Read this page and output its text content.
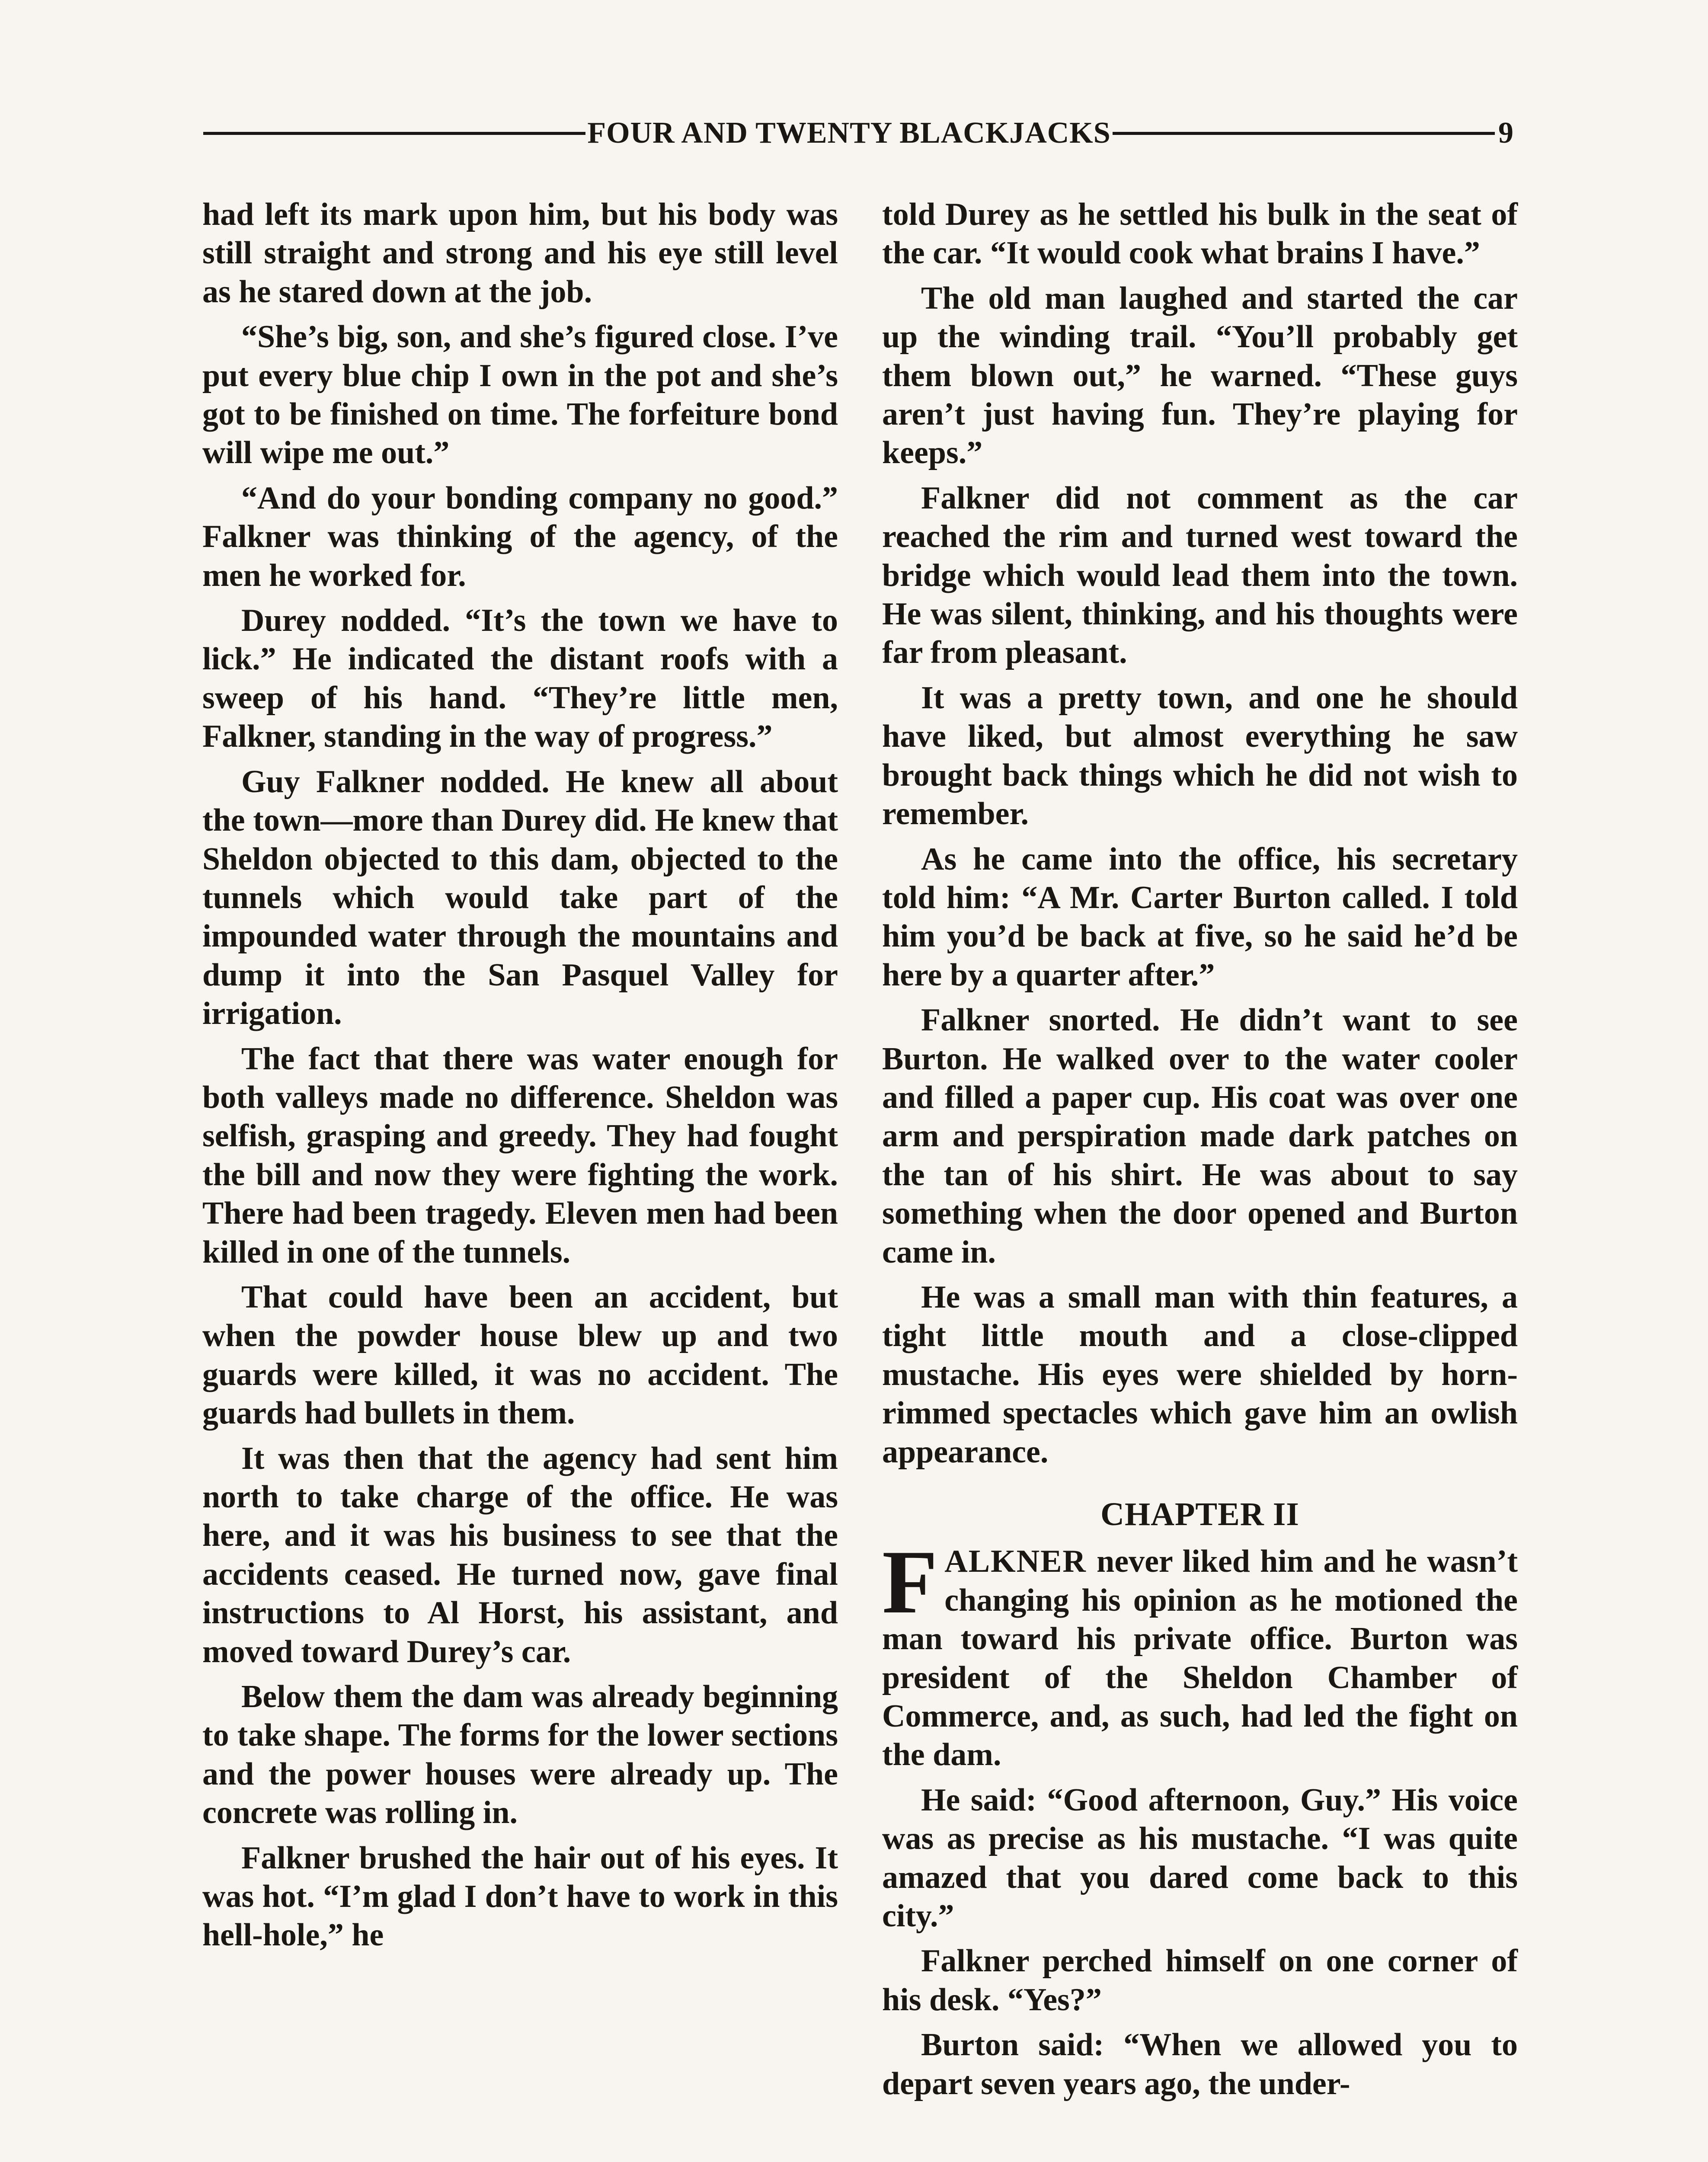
FOUR AND TWENTY BLACKJACKS	9

had left its mark upon him, but his body was still straight and strong and his eye still level as he stared down at the job.

“She’s big, son, and she’s figured close. I’ve put every blue chip I own in the pot and she’s got to be finished on time. The forfeiture bond will wipe me out.”

“And do your bonding company no good.” Falkner was thinking of the agency, of the men he worked for.

Durey nodded. “It’s the town we have to lick.” He indicated the distant roofs with a sweep of his hand. “They’re little men, Falkner, standing in the way of progress.”

Guy Falkner nodded. He knew all about the town—more than Durey did. He knew that Sheldon objected to this dam, objected to the tunnels which would take part of the impounded water through the mountains and dump it into the San Pasquel Valley for irrigation.

The fact that there was water enough for both valleys made no difference. Sheldon was selfish, grasping and greedy. They had fought the bill and now they were fighting the work. There had been tragedy. Eleven men had been killed in one of the tunnels.

That could have been an accident, but when the powder house blew up and two guards were killed, it was no accident. The guards had bullets in them.

It was then that the agency had sent him north to take charge of the office. He was here, and it was his business to see that the accidents ceased. He turned now, gave final instructions to Al Horst, his assistant, and moved toward Durey’s car.

Below them the dam was already beginning to take shape. The forms for the lower sections and the power houses were already up. The concrete was rolling in.

Falkner brushed the hair out of his eyes. It was hot. “I’m glad I don’t have to work in this hell-hole,” he

told Durey as he settled his bulk in the seat of the car. “It would cook what brains I have.”

The old man laughed and started the car up the winding trail. “You’ll probably get them blown out,” he warned. “These guys aren’t just having fun. They’re playing for keeps.”

Falkner did not comment as the car reached the rim and turned west toward the bridge which would lead them into the town. He was silent, thinking, and his thoughts were far from pleasant.

It was a pretty town, and one he should have liked, but almost everything he saw brought back things which he did not wish to remember.

As he came into the office, his secretary told him: “A Mr. Carter Burton called. I told him you’d be back at five, so he said he’d be here by a quarter after.”

Falkner snorted. He didn’t want to see Burton. He walked over to the water cooler and filled a paper cup. His coat was over one arm and perspiration made dark patches on the tan of his shirt. He was about to say something when the door opened and Burton came in.

He was a small man with thin features, a tight little mouth and a close-clipped mustache. His eyes were shielded by horn-rimmed spectacles which gave him an owlish appearance.

CHAPTER II

FALKNER never liked him and he wasn’t changing his opinion as he motioned the man toward his private office. Burton was president of the Sheldon Chamber of Commerce, and, as such, had led the fight on the dam.

He said: “Good afternoon, Guy.” His voice was as precise as his mustache. “I was quite amazed that you dared come back to this city.”

Falkner perched himself on one corner of his desk. “Yes?”

Burton said: “When we allowed you to depart seven years ago, the under-
